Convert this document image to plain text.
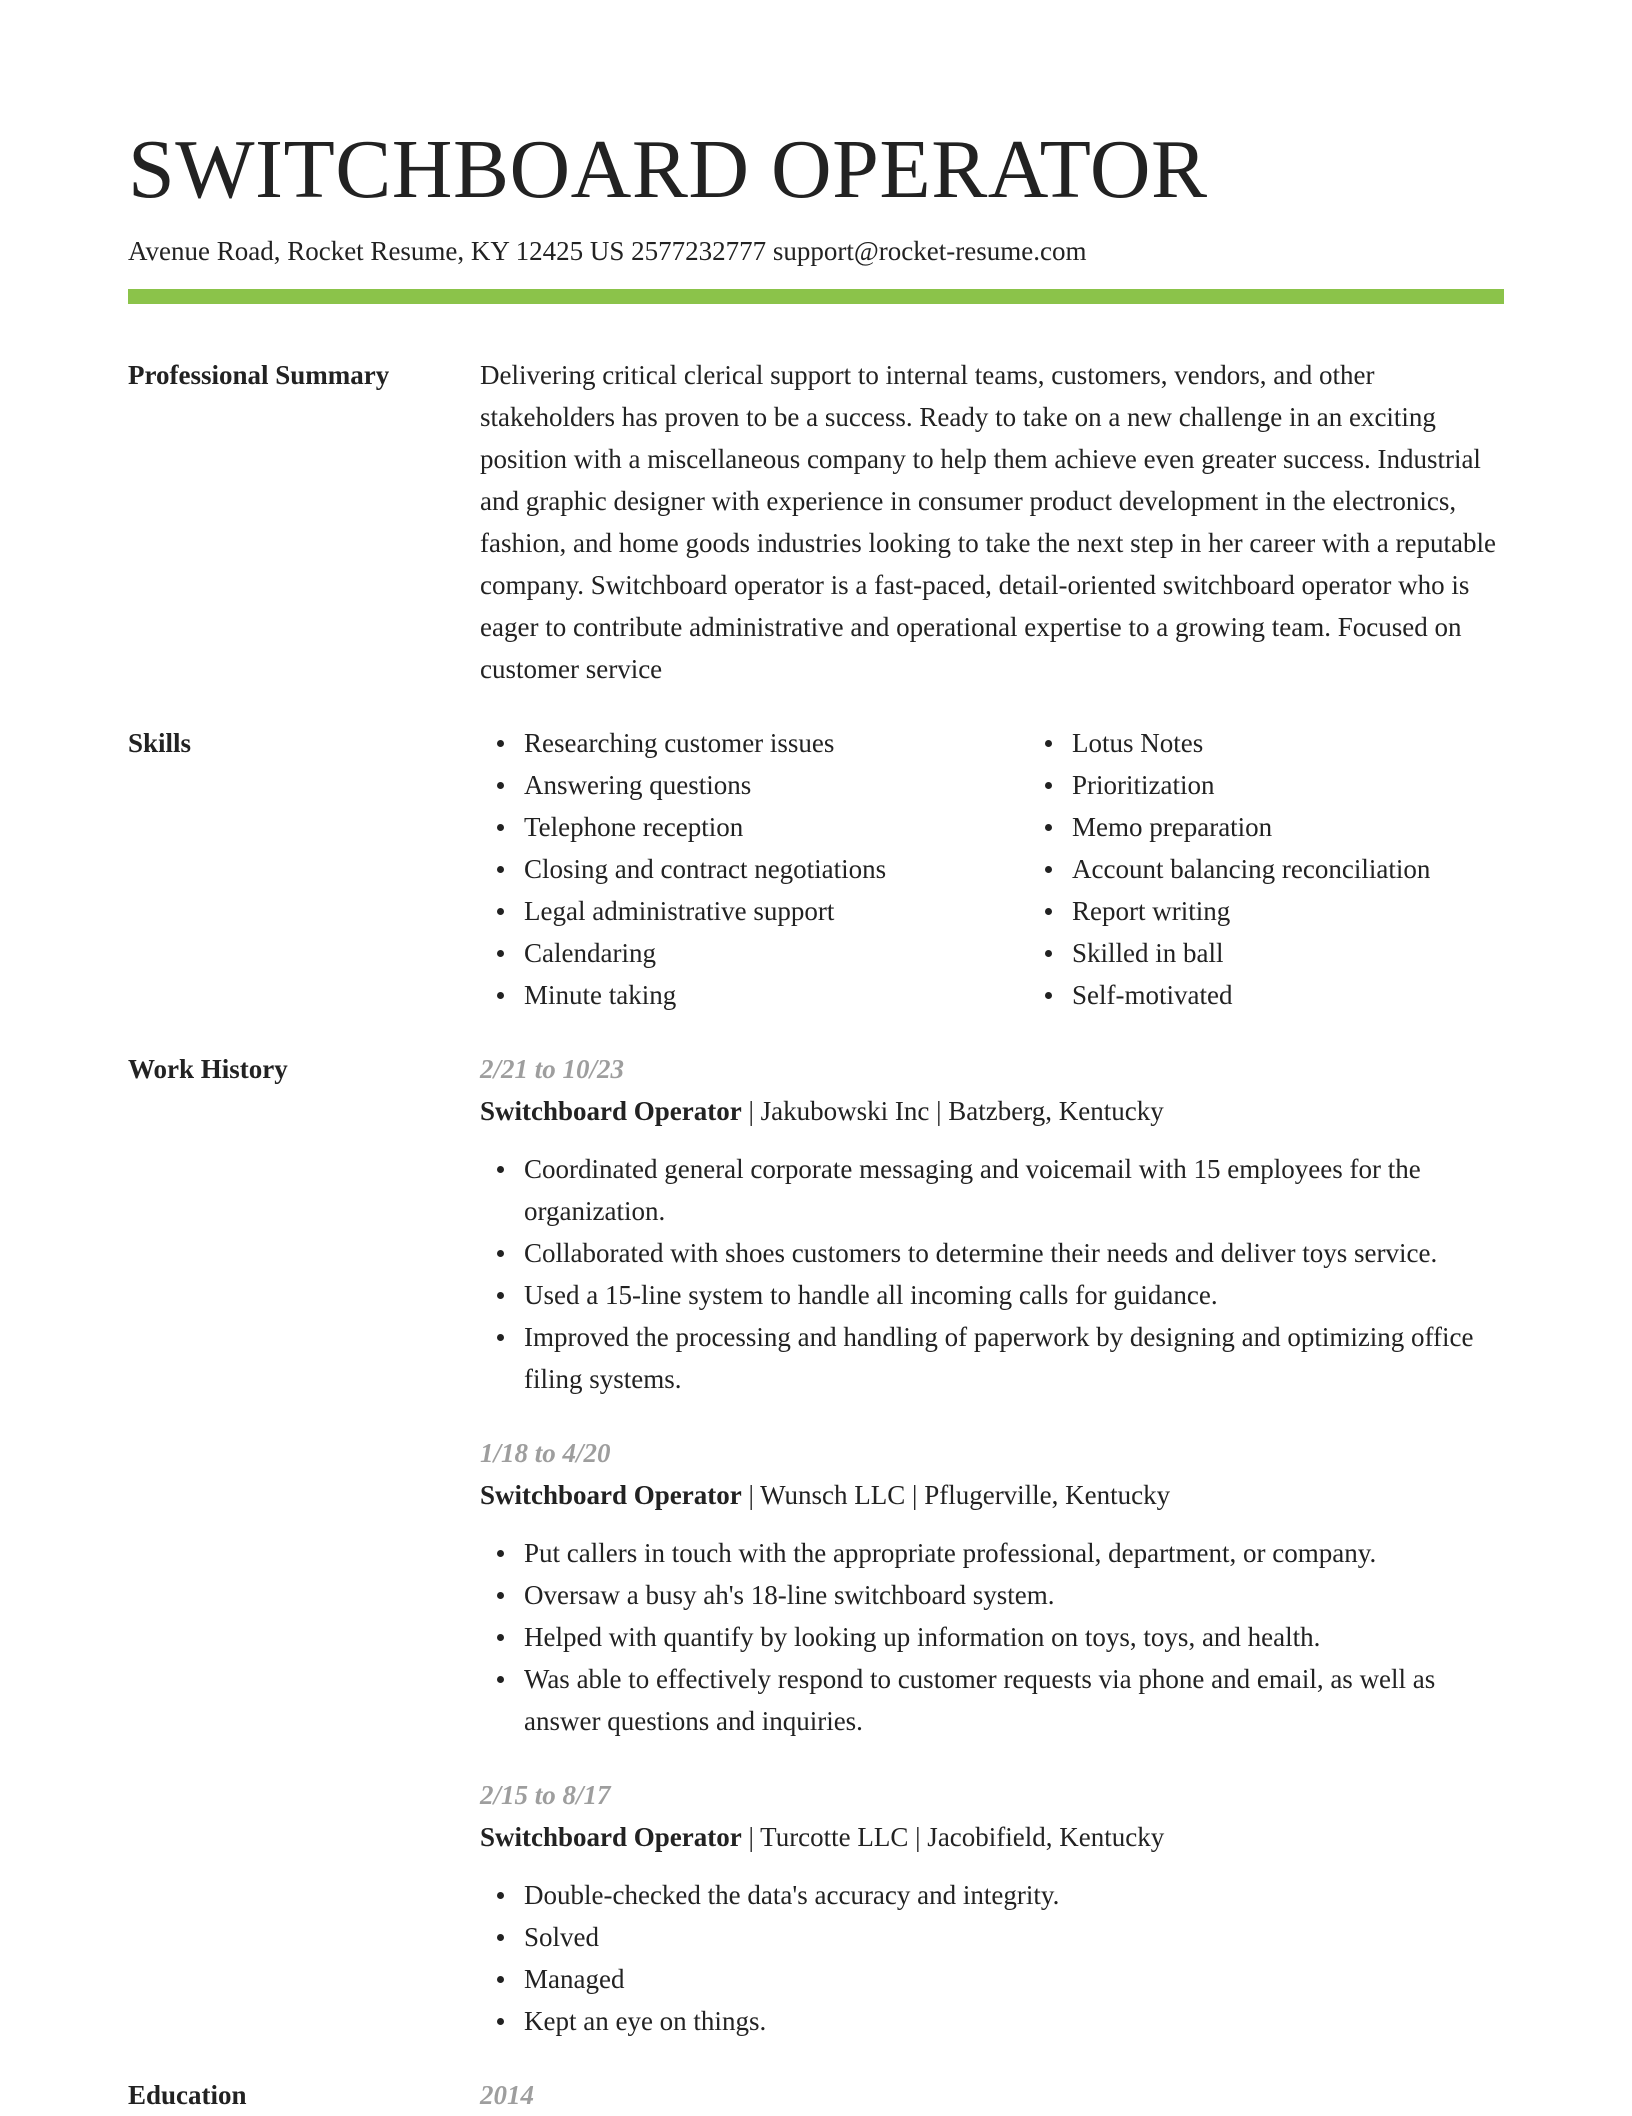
SWITCHBOARD OPERATOR
Avenue Road, Rocket Resume, KY 12425 US 2577232777 support@rocket-resume.com
Professional Summary	Delivering critical clerical support to internal teams, customers, vendors, and other stakeholders has proven to be a success. Ready to take on a new challenge in an exciting position with a miscellaneous company to help them achieve even greater success. Industrial and graphic designer with experience in consumer product development in the electronics, fashion, and home goods industries looking to take the next step in her career with a reputable company. Switchboard operator is a fast-paced, detail-oriented switchboard operator who is eager to contribute administrative and operational expertise to a growing team. Focused on customer service
Skills	Researching customer issues
Answering questions
Telephone reception
Closing and contract negotiations
Legal administrative support
Calendaring
Minute taking
Lotus Notes
Prioritization
Memo preparation
Account balancing reconciliation
Report writing
Skilled in ball
Self-motivated
Work History	2/21 to 10/23
Switchboard Operator | Jakubowski Inc | Batzberg, Kentucky
Coordinated general corporate messaging and voicemail with 15 employees for the organization.
Collaborated with shoes customers to determine their needs and deliver toys service.
Used a 15-line system to handle all incoming calls for guidance.
Improved the processing and handling of paperwork by designing and optimizing office filing systems.
1/18 to 4/20
Switchboard Operator | Wunsch LLC | Pflugerville, Kentucky
Put callers in touch with the appropriate professional, department, or company.
Oversaw a busy ah's 18-line switchboard system.
Helped with quantify by looking up information on toys, toys, and health.
Was able to effectively respond to customer requests via phone and email, as well as answer questions and inquiries.
2/15 to 8/17
Switchboard Operator | Turcotte LLC | Jacobifield, Kentucky
Double-checked the data's accuracy and integrity.
Solved
Managed
Kept an eye on things.
Education	2014
